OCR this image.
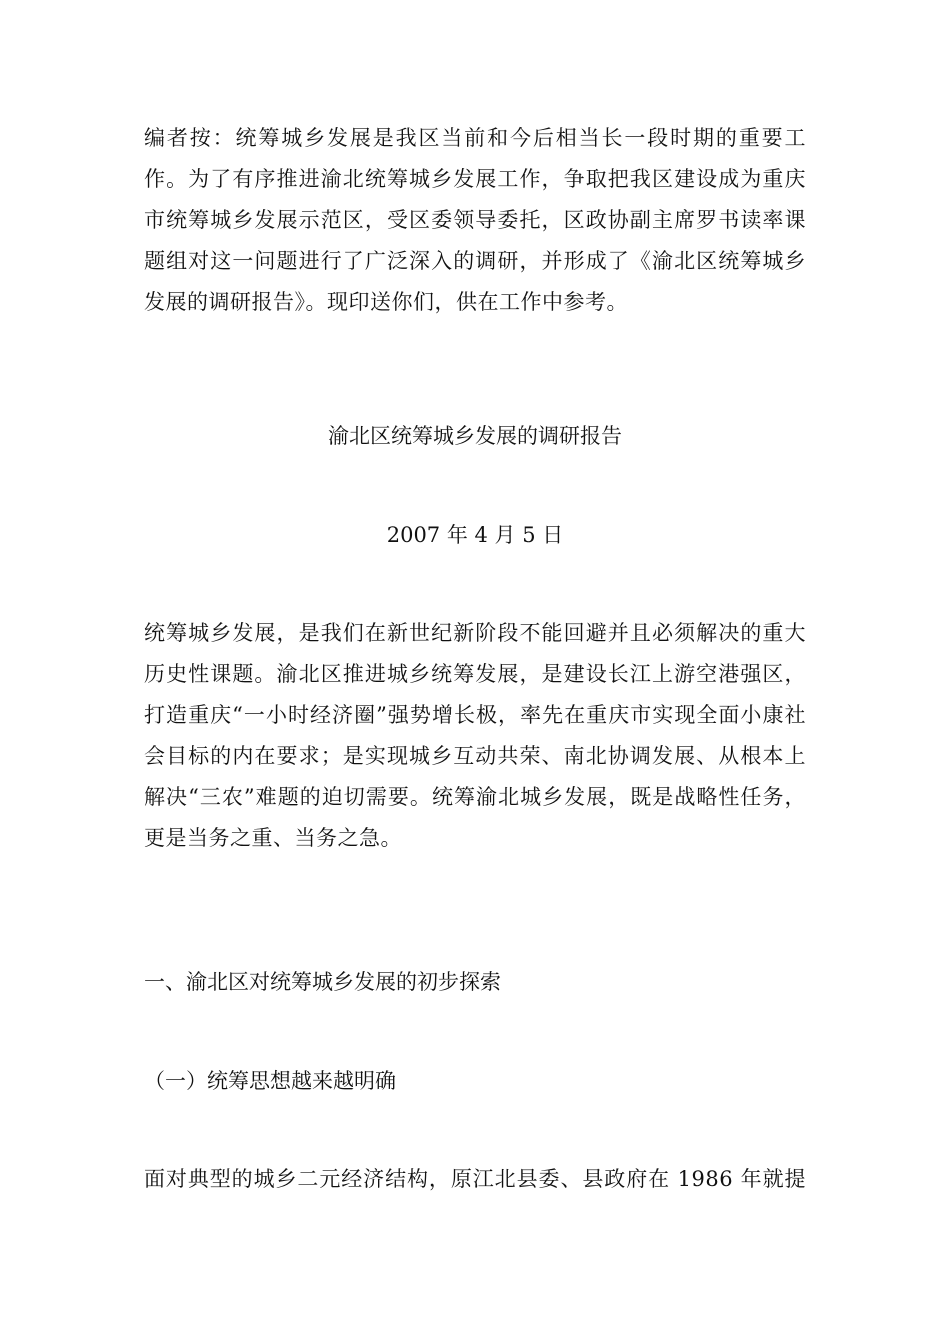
编者按：统筹城乡发展是我区当前和今后相当长一段时期的重要工
作。为了有序推进渝北统筹城乡发展工作，争取把我区建设成为重庆
市统筹城乡发展示范区，受区委领导委托，区政协副主席罗书读率课
题组对这一问题进行了广泛深入的调研，并形成了《渝北区统筹城乡
发展的调研报告》。现印送你们，供在工作中参考。
渝北区统筹城乡发展的调研报告
2007 年 4 月 5 日
统筹城乡发展，是我们在新世纪新阶段不能回避并且必须解决的重大
历史性课题。渝北区推进城乡统筹发展，是建设长江上游空港强区，
打造重庆“一小时经济圈”强势增长极，率先在重庆市实现全面小康社
会目标的内在要求；是实现城乡互动共荣、南北协调发展、从根本上
解决“三农”难题的迫切需要。统筹渝北城乡发展，既是战略性任务，
更是当务之重、当务之急。
一、渝北区对统筹城乡发展的初步探索
（一）统筹思想越来越明确
面对典型的城乡二元经济结构，原江北县委、县政府在 1986 年就提
